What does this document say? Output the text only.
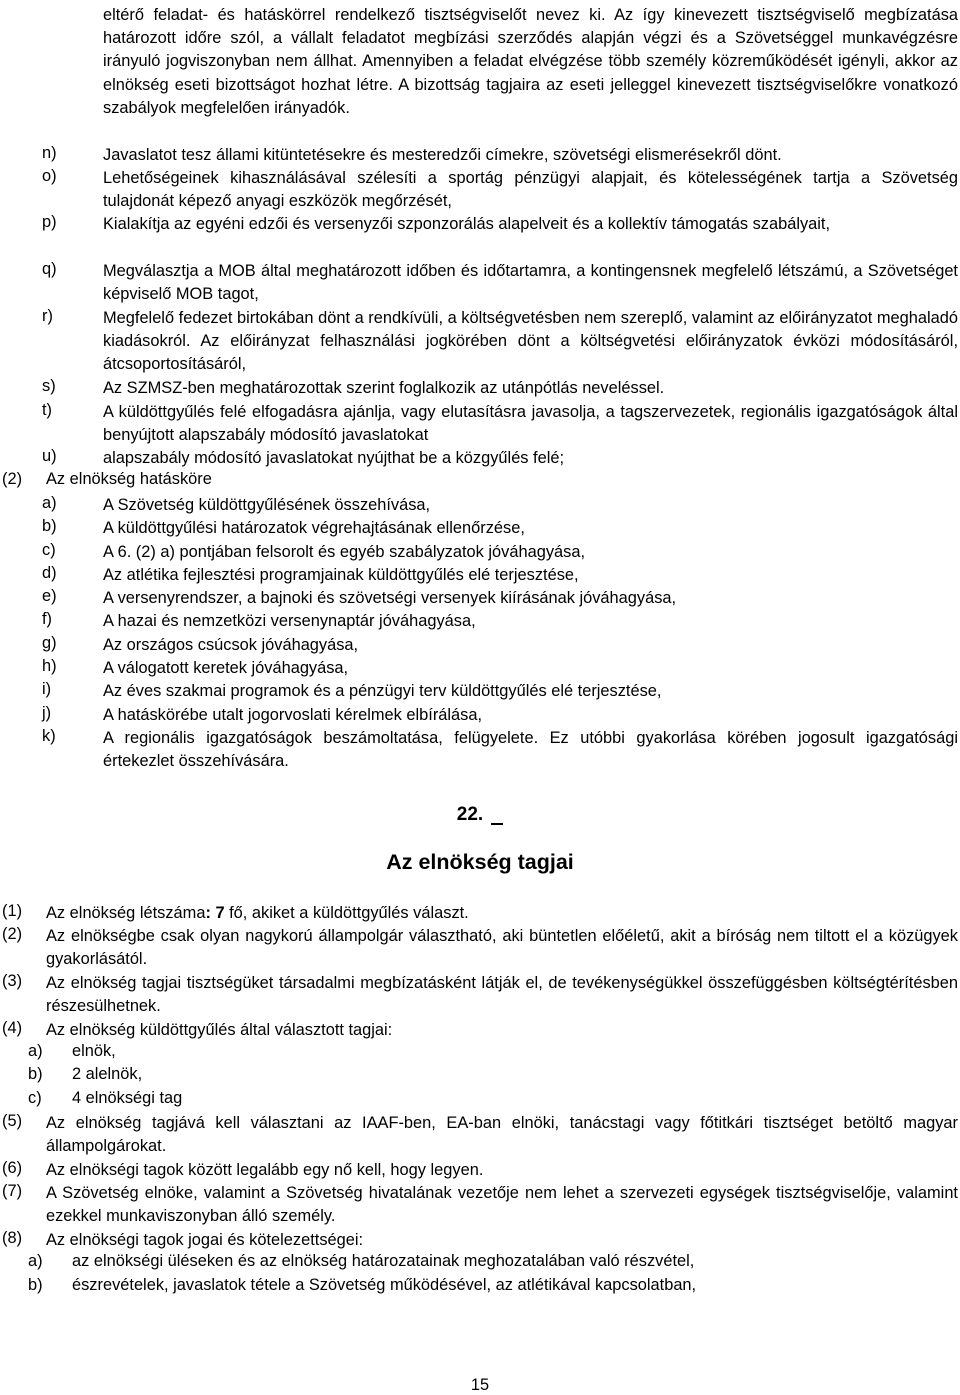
eltérő feladat- és hatáskörrel rendelkező tisztségviselőt nevez ki. Az így kinevezett tisztségviselő megbízatása határozott időre szól, a vállalt feladatot megbízási szerződés alapján végzi és a Szövetséggel munkavégzésre irányuló jogviszonyban nem állhat. Amennyiben a feladat elvégzése több személy közreműködését igényli, akkor az elnökség eseti bizottságot hozhat létre. A bizottság tagjaira az eseti jelleggel kinevezett tisztségviselőkre vonatkozó szabályok megfelelően irányadók.
n)	Javaslatot tesz állami kitüntetésekre és mesteredzői címekre, szövetségi elismerésekről dönt.
o)	Lehetőségeinek kihasználásával szélesíti a sportág pénzügyi alapjait, és kötelességének tartja a Szövetség tulajdonát képező anyagi eszközök megőrzését,
p)	Kialakítja az egyéni edzői és versenyzői szponzorálás alapelveit és a kollektív támogatás szabályait,
q)	Megválasztja a MOB által meghatározott időben és időtartamra, a kontingensnek megfelelő létszámú, a Szövetséget képviselő MOB tagot,
r)	Megfelelő fedezet birtokában dönt a rendkívüli, a költségvetésben nem szereplő, valamint az előirányzatot meghaladó kiadásokról. Az előirányzat felhasználási jogkörében dönt a költségvetési előirányzatok évközi módosításáról, átcsoportosításáról,
s)	Az SZMSZ-ben meghatározottak szerint foglalkozik az utánpótlás neveléssel.
t)	A küldöttgyűlés felé elfogadásra ajánlja, vagy elutasításra javasolja, a tagszervezetek, regionális igazgatóságok által benyújtott alapszabály módosító javaslatokat
u)	alapszabály módosító javaslatokat nyújthat be a közgyűlés felé;
(2) Az elnökség hatásköre
a)	A Szövetség küldöttgyűlésének összehívása,
b)	A küldöttgyűlési határozatok végrehajtásának ellenőrzése,
c)	A 6. (2) a) pontjában felsorolt és egyéb szabályzatok jóváhagyása,
d)	Az atlétika fejlesztési programjainak küldöttgyűlés elé terjesztése,
e)	A versenyrendszer, a bajnoki és szövetségi versenyek kiírásának jóváhagyása,
f)	A hazai és nemzetközi versenynaptár jóváhagyása,
g)	Az országos csúcsok jóváhagyása,
h)	A válogatott keretek jóváhagyása,
i)	Az éves szakmai programok és a pénzügyi terv küldöttgyűlés elé terjesztése,
j)	A hatáskörébe utalt jogorvoslati kérelmek elbírálása,
k)	A regionális igazgatóságok beszámoltatása, felügyelete. Ez utóbbi gyakorlása körében jogosult igazgatósági értekezlet összehívására.
22.
Az elnökség tagjai
(1) Az elnökség létszáma: 7 fő, akiket a küldöttgyűlés választ.
(2) Az elnökségbe csak olyan nagykorú állampolgár választható, aki büntetlen előéletű, akit a bíróság nem tiltott el a közügyek gyakorlásától.
(3) Az elnökség tagjai tisztségüket társadalmi megbízatásként látják el, de tevékenységükkel összefüggésben költségtérítésben részesülhetnek.
(4) Az elnökség küldöttgyűlés által választott tagjai:
a) elnök,
b) 2 alelnök,
c) 4 elnökségi tag
(5) Az elnökség tagjává kell választani az IAAF-ben, EA-ban elnöki, tanácstagi vagy főtitkári tisztséget betöltő magyar állampolgárokat.
(6) Az elnökségi tagok között legalább egy nő kell, hogy legyen.
(7) A Szövetség elnöke, valamint a Szövetség hivatalának vezetője nem lehet a szervezeti egységek tisztségviselője, valamint ezekkel munkaviszonyban álló személy.
(8) Az elnökségi tagok jogai és kötelezettségei:
a) az elnökségi üléseken és az elnökség határozatainak meghozatalában való részvétel,
b) észrevételek, javaslatok tétele a Szövetség működésével, az atlétikával kapcsolatban,
15
